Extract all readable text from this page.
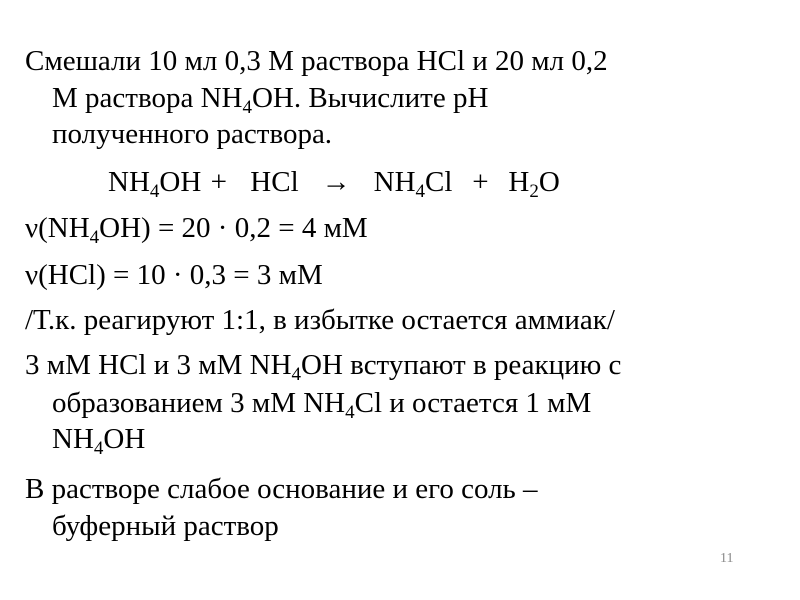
Смешали 10 мл 0,3 М раствора HCl и 20 мл 0,2
М раствора $NH_4OH$. Вычислите pH
полученного раствора.
$NH_4OH$ + HCl → $NH_4Cl + H_2O$
$\nu(NH_4OH) = 20 \cdot 0,2 = 4$ мМ
ν(HCl) = 10 · 0,3 = 3 мМ
/Т.к. реагируют 1:1, в избытке остается аммиак/
3 мМ HCl и 3 мМ $NH_4OH$ вступают в реакцию с
образованием 3 мМ $NH_4Cl$ и остается 1 мМ
$NH_4OH$
В растворе слабое основание и его соль –
буферный раствор
11
